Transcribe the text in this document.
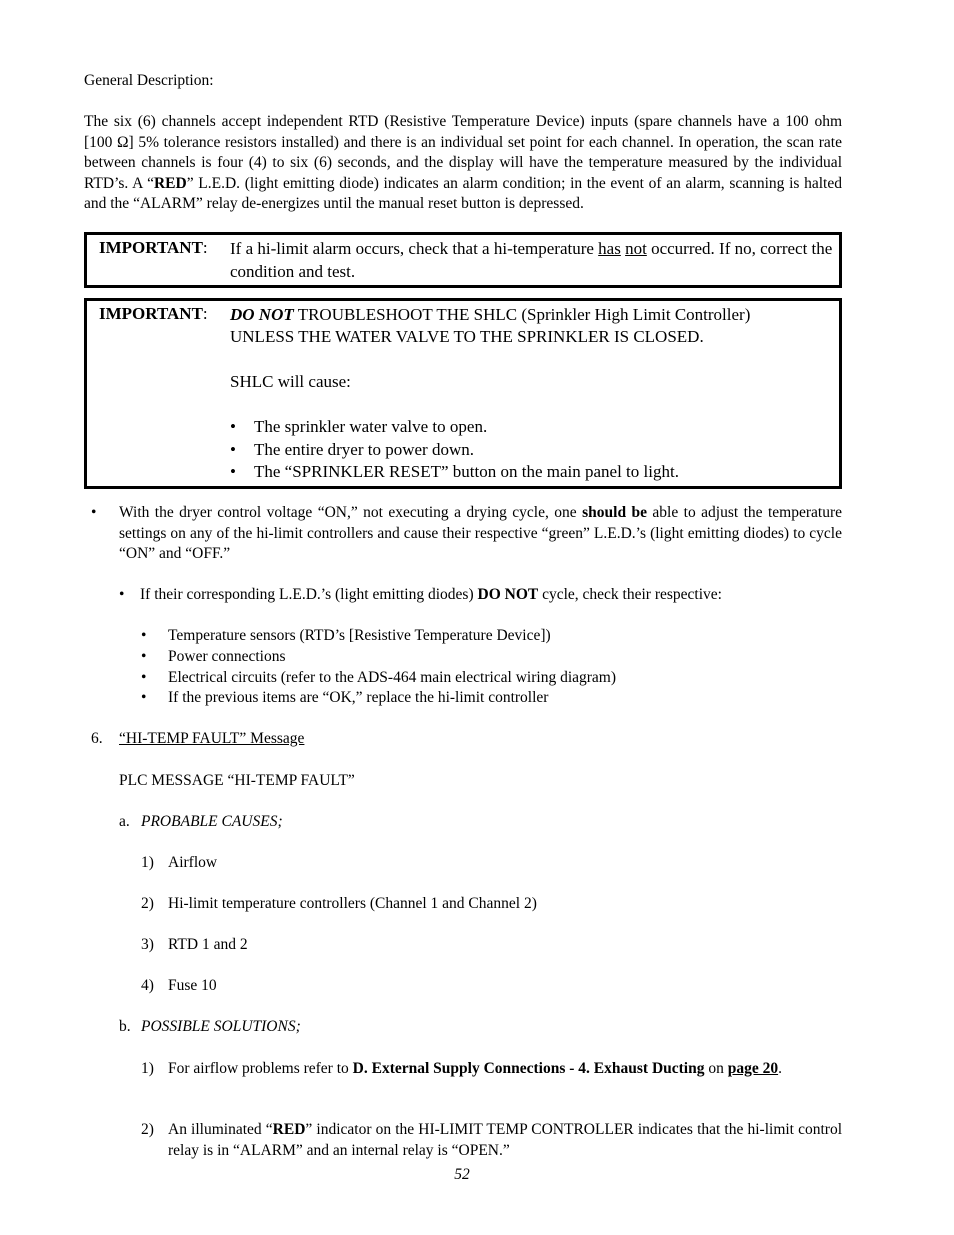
General Description:
The six (6) channels accept independent RTD (Resistive Temperature Device) inputs (spare channels have a 100 ohm [100 Ω] 5% tolerance resistors installed) and there is an individual set point for each channel. In operation, the scan rate between channels is four (4) to six (6) seconds, and the display will have the temperature measured by the individual RTD’s. A “RED” L.E.D. (light emitting diode) indicates an alarm condition; in the event of an alarm, scanning is halted and the “ALARM” relay de-energizes until the manual reset button is depressed.
IMPORTANT: If a hi-limit alarm occurs, check that a hi-temperature has not occurred. If no, correct the condition and test.
IMPORTANT: DO NOT TROUBLESHOOT THE SHLC (Sprinkler High Limit Controller)
UNLESS THE WATER VALVE TO THE SPRINKLER IS CLOSED.
SHLC will cause:
• The sprinkler water valve to open.
• The entire dryer to power down.
• The “SPRINKLER RESET” button on the main panel to light.
• With the dryer control voltage “ON,” not executing a drying cycle, one should be able to adjust the temperature settings on any of the hi-limit controllers and cause their respective “green” L.E.D.’s (light emitting diodes) to cycle “ON” and “OFF.”
• If their corresponding L.E.D.’s (light emitting diodes) DO NOT cycle, check their respective:
• Temperature sensors (RTD’s [Resistive Temperature Device])
• Power connections
• Electrical circuits (refer to the ADS-464 main electrical wiring diagram)
• If the previous items are “OK,” replace the hi-limit controller
6. “HI-TEMP FAULT” Message
PLC MESSAGE “HI-TEMP FAULT”
a. PROBABLE CAUSES;
1) Airflow
2) Hi-limit temperature controllers (Channel 1 and Channel 2)
3) RTD 1 and 2
4) Fuse 10
b. POSSIBLE SOLUTIONS;
1) For airflow problems refer to D. External Supply Connections - 4. Exhaust Ducting on page 20.
2) An illuminated “RED” indicator on the HI-LIMIT TEMP CONTROLLER indicates that the hi-limit control relay is in “ALARM” and an internal relay is “OPEN.”
52
